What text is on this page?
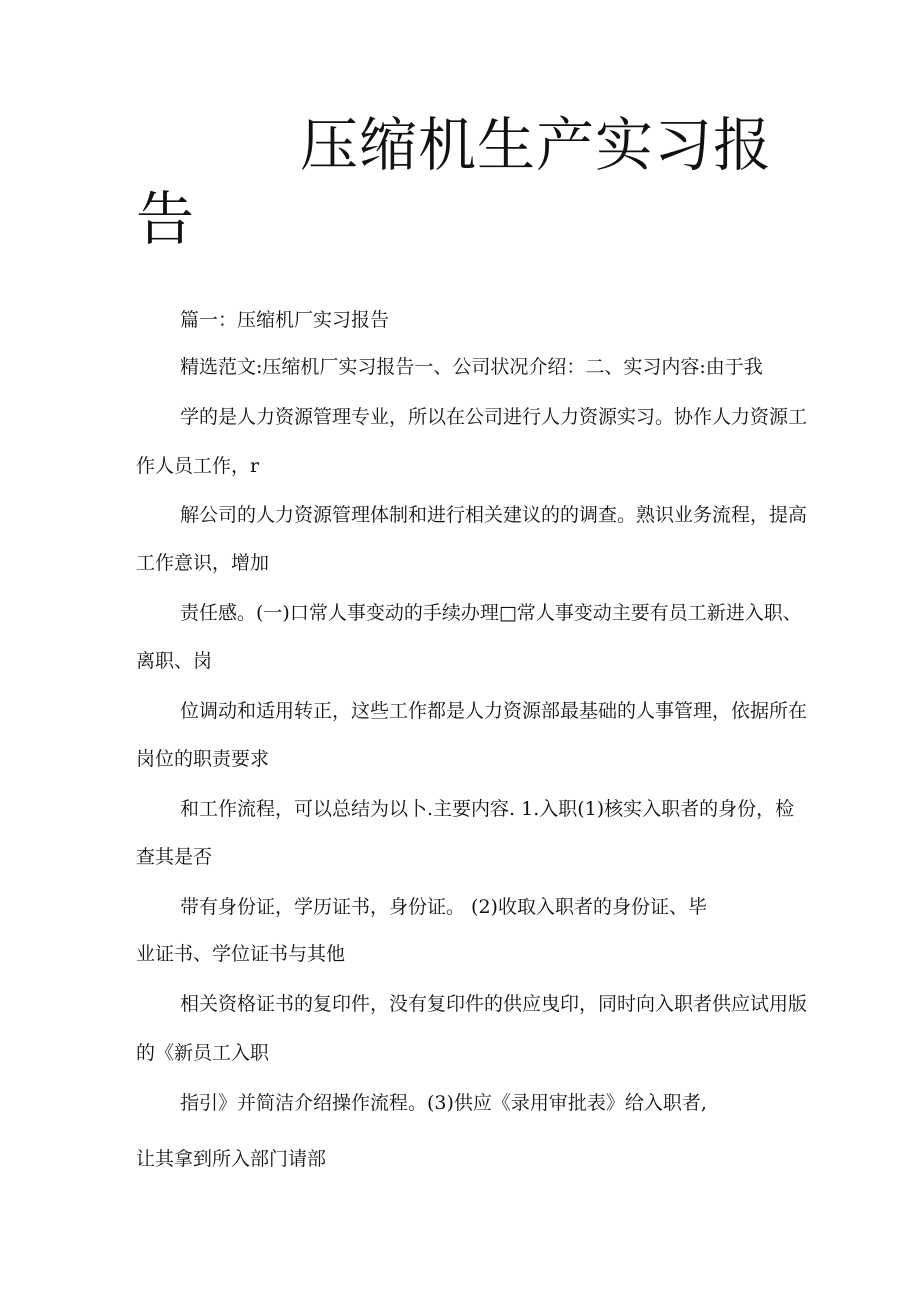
压缩机生产实习报
告

篇一：压缩机厂实习报告

精选范文:压缩机厂实习报告一、公司状况介绍：二、实习内容:由于我

学的是人力资源管理专业，所以在公司进行人力资源实习。协作人力资源工

作人员工作，r

解公司的人力资源管理体制和进行相关建议的的调查。熟识业务流程，提高

工作意识，增加

责任感。(一)口常人事变动的手续办理□常人事变动主要有员工新进入职、

离职、岗

位调动和适用转正，这些工作都是人力资源部最基础的人事管理，依据所在

岗位的职责要求

和工作流程，可以总结为以卜.主要内容. 1.入职(1)核实入职者的身份，检

查其是否

带有身份证，学历证书，身份证。 (2)收取入职者的身份证、毕

业证书、学位证书与其他

相关资格证书的复印件，没有复印件的供应曳印，同时向入职者供应试用版

的《新员工入职

指引》并简洁介绍操作流程。(3)供应《录用审批表》给入职者,

让其拿到所入部门请部
